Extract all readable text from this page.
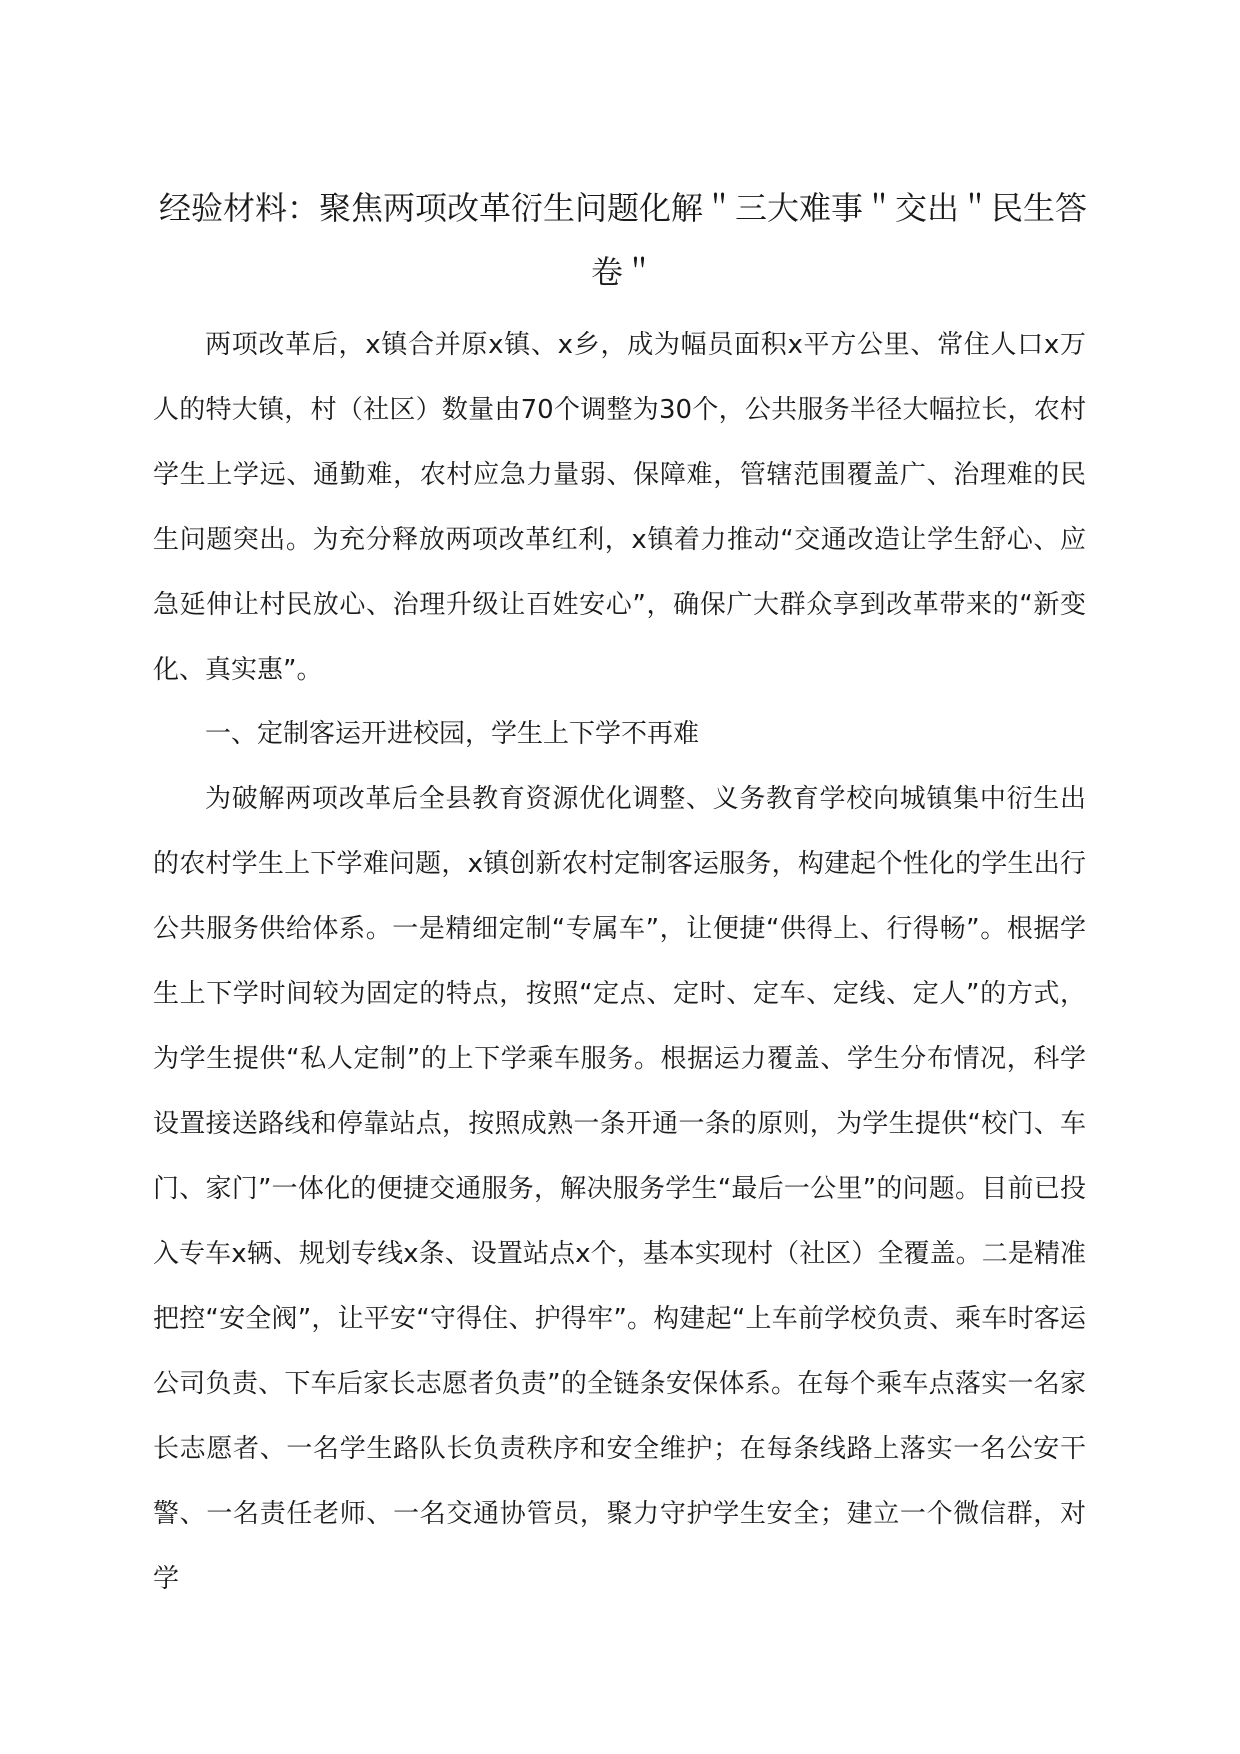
经验材料：聚焦两项改革衍生问题化解＂三大难事＂交出＂民生答卷＂

两项改革后，x镇合并原x镇、x乡，成为幅员面积x平方公里、常住人口x万人的特大镇，村（社区）数量由70个调整为30个，公共服务半径大幅拉长，农村学生上学远、通勤难，农村应急力量弱、保障难，管辖范围覆盖广、治理难的民生问题突出。为充分释放两项改革红利，x镇着力推动“交通改造让学生舒心、应急延伸让村民放心、治理升级让百姓安心”，确保广大群众享到改革带来的“新变化、真实惠”。

一、定制客运开进校园，学生上下学不再难

为破解两项改革后全县教育资源优化调整、义务教育学校向城镇集中衍生出的农村学生上下学难问题，x镇创新农村定制客运服务，构建起个性化的学生出行公共服务供给体系。一是精细定制“专属车”，让便捷“供得上、行得畅”。根据学生上下学时间较为固定的特点，按照“定点、定时、定车、定线、定人”的方式，为学生提供“私人定制”的上下学乘车服务。根据运力覆盖、学生分布情况，科学设置接送路线和停靠站点，按照成熟一条开通一条的原则，为学生提供“校门、车门、家门”一体化的便捷交通服务，解决服务学生“最后一公里”的问题。目前已投入专车x辆、规划专线x条、设置站点x个，基本实现村（社区）全覆盖。二是精准把控“安全阀”，让平安“守得住、护得牢”。构建起“上车前学校负责、乘车时客运公司负责、下车后家长志愿者负责”的全链条安保体系。在每个乘车点落实一名家长志愿者、一名学生路队长负责秩序和安全维护；在每条线路上落实一名公安干警、一名责任老师、一名交通协管员，聚力守护学生安全；建立一个微信群，对学
